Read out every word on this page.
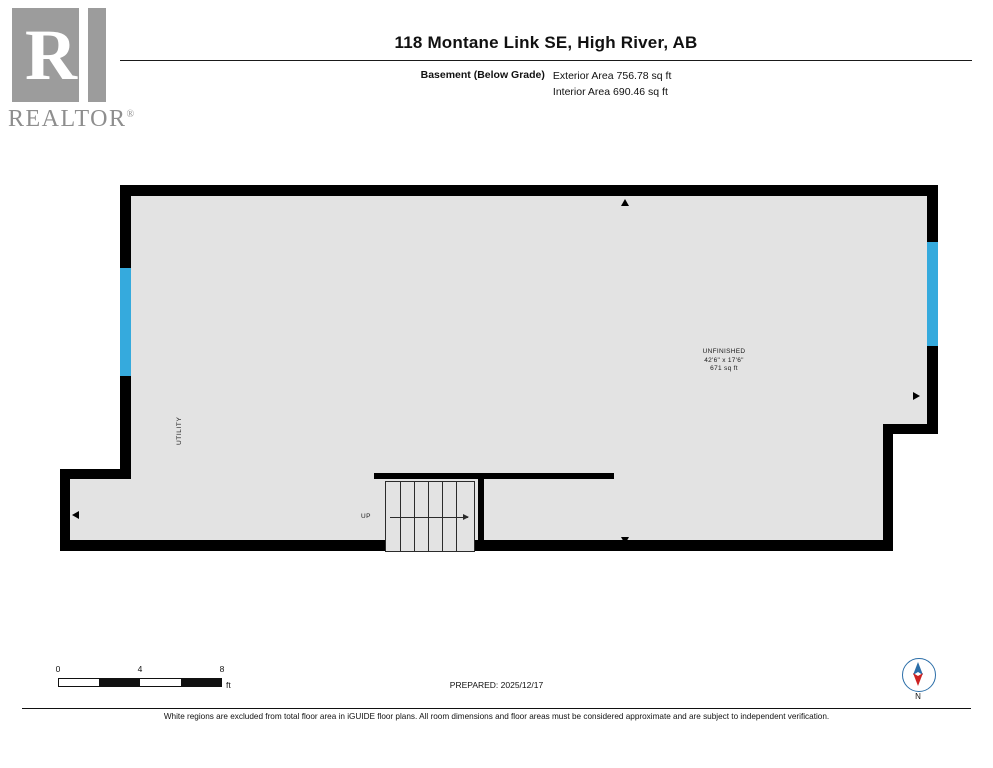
R
REALTOR®
118 Montane Link SE, High River, AB
Basement (Below Grade) Exterior Area 756.78 sq ft
Interior Area 690.46 sq ft
UP
UNFINISHED
42'6" x 17'6"
671 sq ft
UTILITY
0	4	8
ft	PREPARED: 2025/12/17
N
White regions are excluded from total floor area in iGUIDE floor plans. All room dimensions and floor areas must be considered approximate and are subject to independent verification.
